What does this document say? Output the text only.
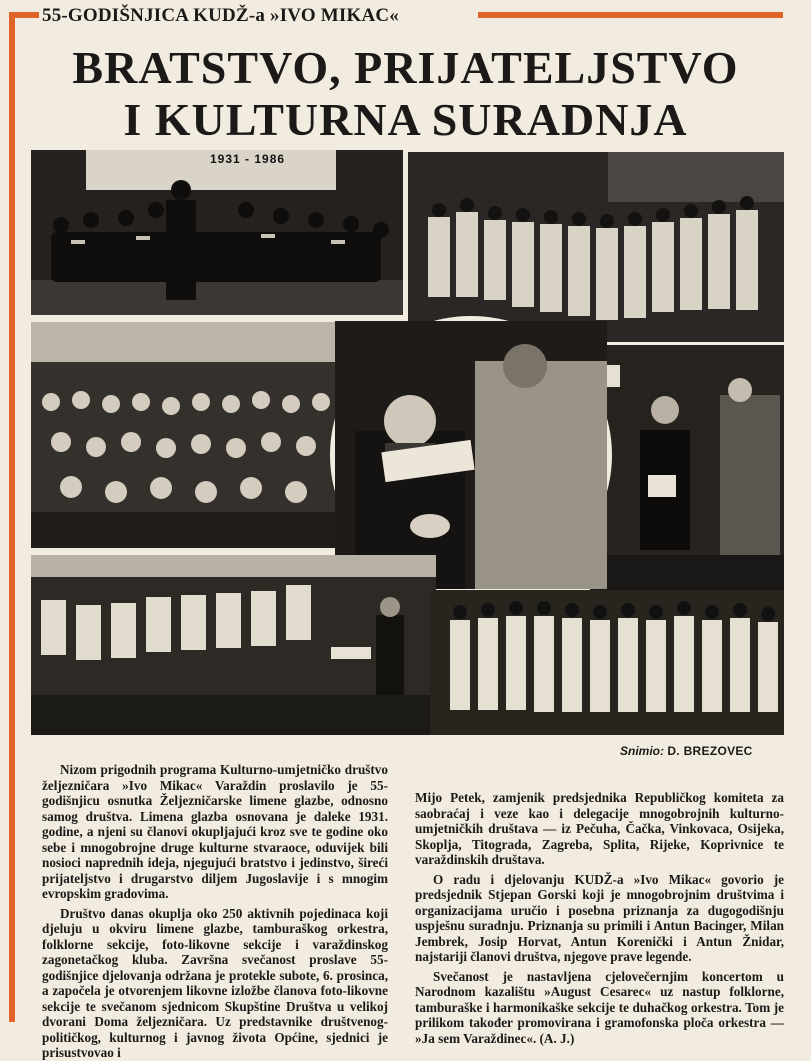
55-GODIŠNJICA KUDŽ-a »IVO MIKAC«
BRATSTVO, PRIJATELJSTVO
I KULTURNA SURADNJA
1931 - 1986
Snimio: D. BREZOVEC

Nizom prigodnih programa Kulturno-umjetničko društvo željezničara »Ivo Mikac« Varaždin proslavilo je 55-godišnjicu osnutka Željezničarske limene glazbe, odnosno samog društva. Limena glazba osnovana je daleke 1931. godine, a njeni su članovi okupljajući kroz sve te godine oko sebe i mnogobrojne druge kulturne stvaraoce, oduvijek bili nosioci naprednih ideja, njegujući bratstvo i jedinstvo, šireći prijateljstvo i drugarstvo diljem Jugoslavije i s mnogim evropskim gradovima.

Društvo danas okuplja oko 250 aktivnih pojedinaca koji djeluju u okviru limene glazbe, tamburaškog orkestra, folklorne sekcije, foto-likovne sekcije i varaždinskog zagonetačkog kluba. Završna svečanost proslave 55-godišnjice djelovanja održana je protekle subote, 6. prosinca, a započela je otvorenjem likovne izložbe članova foto-likovne sekcije te svečanom sjednicom Skupštine Društva u velikoj dvorani Doma željezničara. Uz predstavnike društvenog-političkog, kulturnog i javnog života Općine, sjednici je prisustvovao i

Mijo Petek, zamjenik predsjednika Republičkog komiteta za saobraćaj i veze kao i delegacije mnogobrojnih kulturno-umjetničkih društava — iz Pečuha, Čačka, Vinkovaca, Osijeka, Skoplja, Titograda, Zagreba, Splita, Rijeke, Koprivnice te varaždinskih društava.

O radu i djelovanju KUDŽ-a »Ivo Mikac« govorio je predsjednik Stjepan Gorski koji je mnogobrojnim društvima i organizacijama uručio i posebna priznanja za dugogodišnju uspješnu suradnju. Priznanja su primili i Antun Bacinger, Milan Jembrek, Josip Horvat, Antun Korenički i Antun Žnidar, najstariji članovi društva, njegove prave legende.

Svečanost je nastavljena cjelovečernjim koncertom u Narodnom kazalištu »August Cesarec« uz nastup folklorne, tamburaške i harmonikaške sekcije te duhačkog orkestra. Tom je prilikom također promovirana i gramofonska ploča orkestra — »Ja sem Varaždinec«. (A. J.)
